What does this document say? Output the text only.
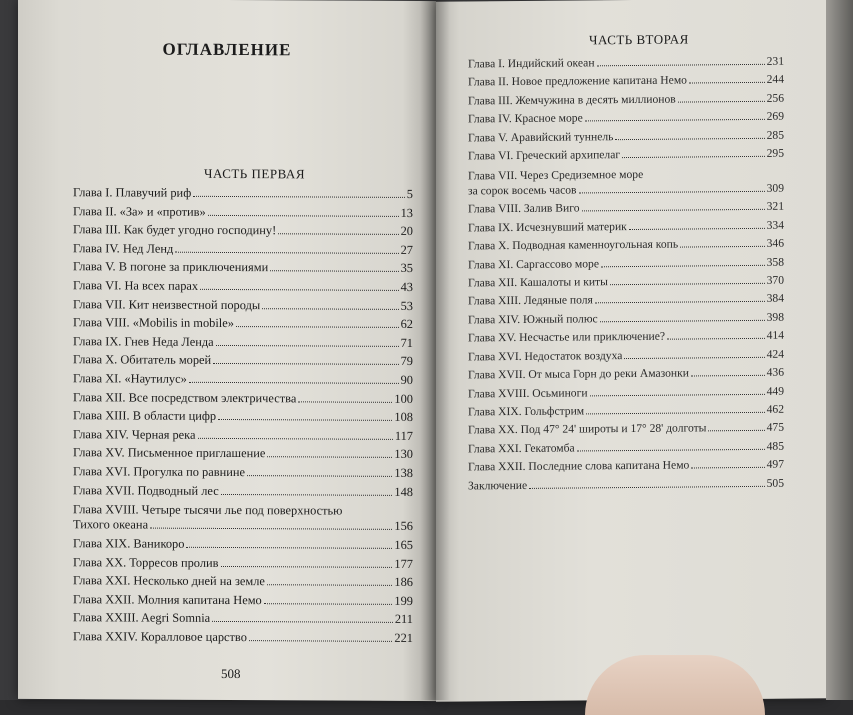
ОГЛАВЛЕНИЕ
ЧАСТЬ ПЕРВАЯ
Глава I. Плавучий риф	5
Глава II. «За» и «против»	13
Глава III. Как будет угодно господину!	20
Глава IV. Нед Ленд	27
Глава V. В погоне за приключениями	35
Глава VI. На всех парах	43
Глава VII. Кит неизвестной породы	53
Глава VIII. «Mobilis in mobile»	62
Глава IX. Гнев Неда Ленда	71
Глава X. Обитатель морей	79
Глава XI. «Наутилус»	90
Глава XII. Все посредством электричества	100
Глава XIII. В области цифр	108
Глава XIV. Черная река	117
Глава XV. Письменное приглашение	130
Глава XVI. Прогулка по равнине	138
Глава XVII. Подводный лес	148
Глава XVIII. Четыре тысячи лье под поверхностью
Тихого океана	156
Глава XIX. Ваникоро	165
Глава XX. Торресов пролив	177
Глава XXI. Несколько дней на земле	186
Глава XXII. Молния капитана Немо	199
Глава XXIII. Aegri Somnia	211
Глава XXIV. Коралловое царство	221
508
ЧАСТЬ ВТОРАЯ
Глава I. Индийский океан	231
Глава II. Новое предложение капитана Немо	244
Глава III. Жемчужина в десять миллионов	256
Глава IV. Красное море	269
Глава V. Аравийский туннель	285
Глава VI. Греческий архипелаг	295
Глава VII. Через Средиземное море
за сорок восемь часов	309
Глава VIII. Залив Виго	321
Глава IX. Исчезнувший материк	334
Глава X. Подводная каменноугольная копь	346
Глава XI. Саргассово море	358
Глава XII. Кашалоты и киты	370
Глава XIII. Ледяные поля	384
Глава XIV. Южный полюс	398
Глава XV. Несчастье или приключение?	414
Глава XVI. Недостаток воздуха	424
Глава XVII. От мыса Горн до реки Амазонки	436
Глава XVIII. Осьминоги	449
Глава XIX. Гольфстрим	462
Глава XX. Под 47° 24' широты и 17° 28' долготы	475
Глава XXI. Гекатомба	485
Глава XXII. Последние слова капитана Немо	497
Заключение	505
